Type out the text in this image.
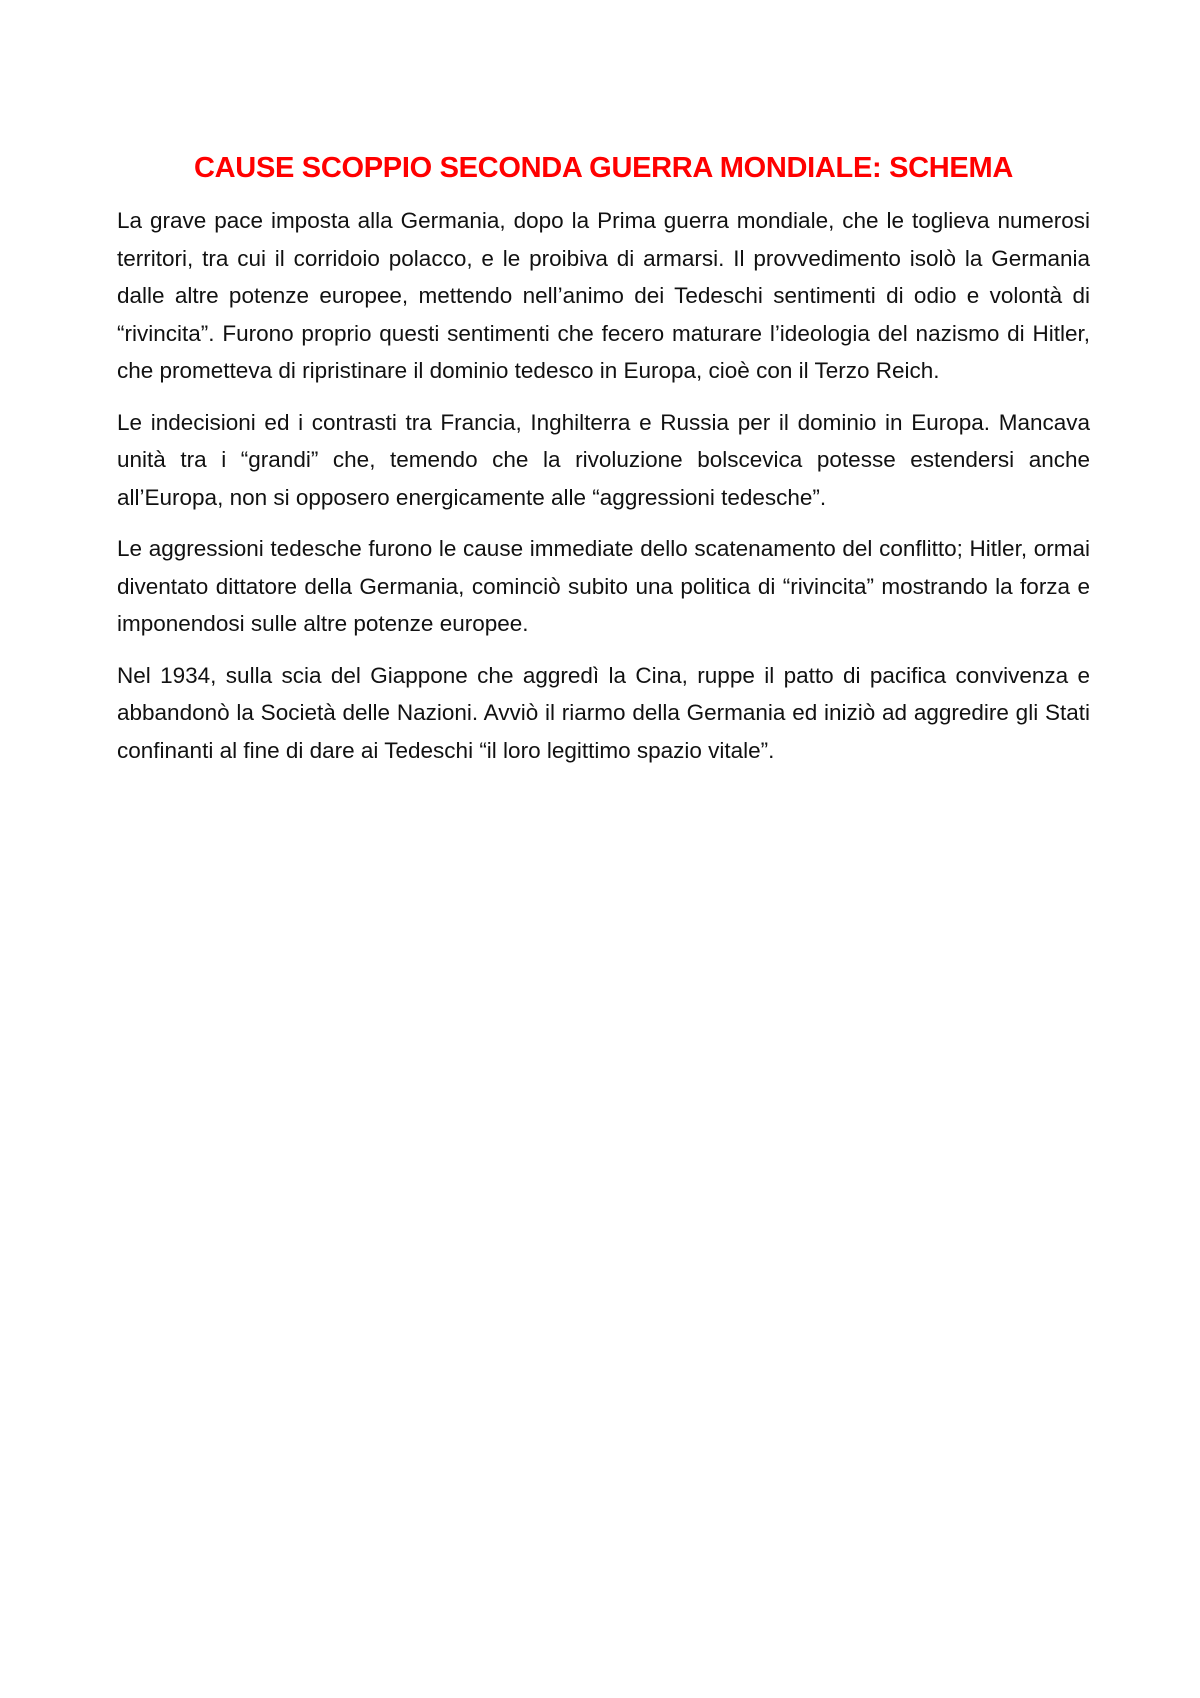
CAUSE SCOPPIO SECONDA GUERRA MONDIALE: SCHEMA

La grave pace imposta alla Germania, dopo la Prima guerra mondiale, che le toglieva numerosi territori, tra cui il corridoio polacco, e le proibiva di armarsi. Il provvedimento isolò la Germania dalle altre potenze europee, mettendo nell’animo dei Tedeschi sentimenti di odio e volontà di “rivincita”. Furono proprio questi sentimenti che fecero maturare l’ideologia del nazismo di Hitler, che prometteva di ripristinare il dominio tedesco in Europa, cioè con il Terzo Reich.

Le indecisioni ed i contrasti tra Francia, Inghilterra e Russia per il dominio in Europa. Mancava unità tra i “grandi” che, temendo che la rivoluzione bolscevica potesse estendersi anche all’Europa, non si opposero energicamente alle “aggressioni tedesche”.

Le aggressioni tedesche furono le cause immediate dello scatenamento del conflitto; Hitler, ormai diventato dittatore della Germania, cominciò subito una politica di “rivincita” mostrando la forza e imponendosi sulle altre potenze europee.

Nel 1934, sulla scia del Giappone che aggredì la Cina, ruppe il patto di pacifica convivenza e abbandonò la Società delle Nazioni. Avviò il riarmo della Germania ed iniziò ad aggredire gli Stati confinanti al fine di dare ai Tedeschi “il loro legittimo spazio vitale”.
